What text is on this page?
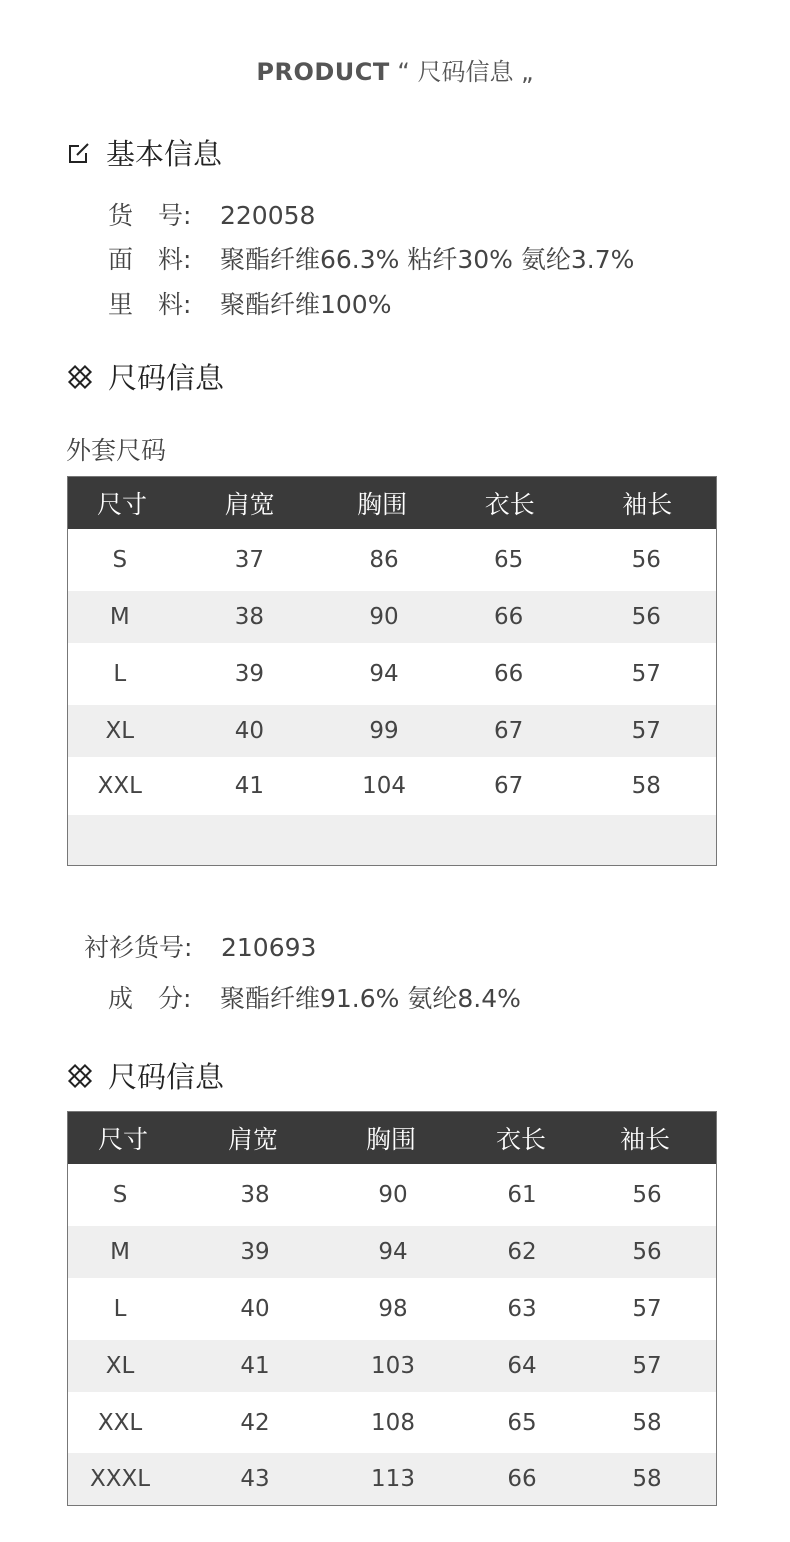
PRODUCT “ 尺码信息 „
基本信息
货　号: 220058
面　料: 聚酯纤维66.3% 粘纤30% 氨纶3.7%
里　料: 聚酯纤维100%
尺码信息
外套尺码
尺寸	肩宽	胸围	衣长	袖长
S	37	86	65	56
M	38	90	66	56
L	39	94	66	57
XL	40	99	67	57
XXL	41	104	67	58
衬衫货号: 210693
成　分: 聚酯纤维91.6% 氨纶8.4%
尺码信息
尺寸	肩宽	胸围	衣长	袖长
S	38	90	61	56
M	39	94	62	56
L	40	98	63	57
XL	41	103	64	57
XXL	42	108	65	58
XXXL	43	113	66	58
